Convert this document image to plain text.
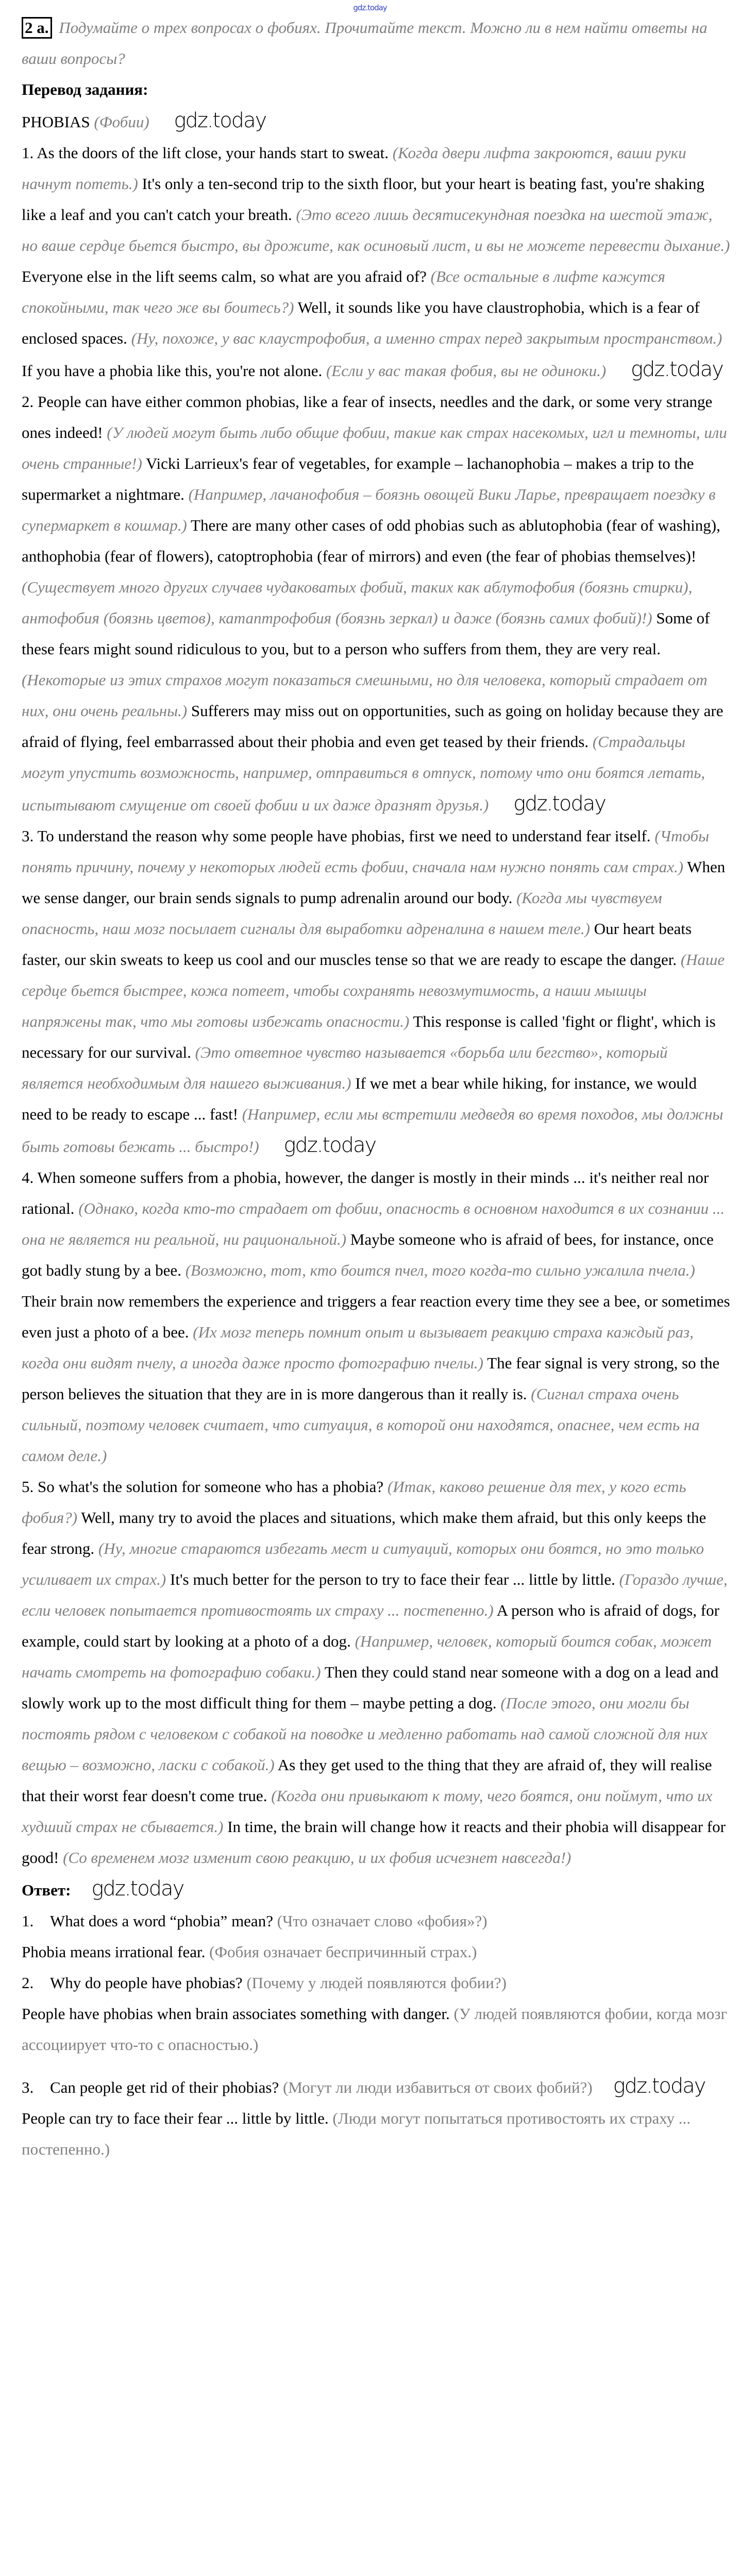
gdz.today

2 а. Подумайте о трех вопросах о фобиях. Прочитайте текст. Можно ли в нем найти ответы на ваши вопросы?

Перевод задания:

PHOBIAS (Фобии) gdz.today

1. As the doors of the lift close, your hands start to sweat. (Когда двери лифта закроются, ваши руки начнут потеть.) It's only a ten-second trip to the sixth floor, but your heart is beating fast, you're shaking like a leaf and you can't catch your breath. (Это всего лишь десятисекундная поездка на шестой этаж, но ваше сердце бьется быстро, вы дрожите, как осиновый лист, и вы не можете перевести дыхание.) Everyone else in the lift seems calm, so what are you afraid of? (Все остальные в лифте кажутся спокойными, так чего же вы боитесь?) Well, it sounds like you have claustrophobia, which is a fear of enclosed spaces. (Ну, похоже, у вас клаустрофобия, а именно страх перед закрытым пространством.) If you have a phobia like this, you're not alone. (Если у вас такая фобия, вы не одиноки.) gdz.today

2. People can have either common phobias, like a fear of insects, needles and the dark, or some very strange ones indeed! (У людей могут быть либо общие фобии, такие как страх насекомых, игл и темноты, или очень странные!) Vicki Larrieux's fear of vegetables, for example – lachanophobia – makes a trip to the supermarket a nightmare. (Например, лачанофобия – боязнь овощей Вики Ларье, превращает поездку в супермаркет в кошмар.) There are many other cases of odd phobias such as ablutophobia (fear of washing), anthophobia (fear of flowers), catoptrophobia (fear of mirrors) and even (the fear of phobias themselves)! (Существует много других случаев чудаковатых фобий, таких как аблутофобия (боязнь стирки), антофобия (боязнь цветов), катаптрофобия (боязнь зеркал) и даже (боязнь самих фобий)!) Some of these fears might sound ridiculous to you, but to a person who suffers from them, they are very real. (Некоторые из этих страхов могут показаться смешными, но для человека, который страдает от них, они очень реальны.) Sufferers may miss out on opportunities, such as going on holiday because they are afraid of flying, feel embarrassed about their phobia and even get teased by their friends. (Страдальцы могут упустить возможность, например, отправиться в отпуск, потому что они боятся летать, испытывают смущение от своей фобии и их даже дразнят друзья.) gdz.today

3. To understand the reason why some people have phobias, first we need to understand fear itself. (Чтобы понять причину, почему у некоторых людей есть фобии, сначала нам нужно понять сам страх.) When we sense danger, our brain sends signals to pump adrenalin around our body. (Когда мы чувствуем опасность, наш мозг посылает сигналы для выработки адреналина в нашем теле.) Our heart beats faster, our skin sweats to keep us cool and our muscles tense so that we are ready to escape the danger. (Наше сердце бьется быстрее, кожа потеет, чтобы сохранять невозмутимость, а наши мышцы напряжены так, что мы готовы избежать опасности.) This response is called 'fight or flight', which is necessary for our survival. (Это ответное чувство называется «борьба или бегство», который является необходимым для нашего выживания.) If we met a bear while hiking, for instance, we would need to be ready to escape ... fast! (Например, если мы встретили медведя во время походов, мы должны быть готовы бежать ... быстро!) gdz.today

4. When someone suffers from a phobia, however, the danger is mostly in their minds ... it's neither real nor rational. (Однако, когда кто-то страдает от фобии, опасность в основном находится в их сознании ... она не является ни реальной, ни рациональной.) Maybe someone who is afraid of bees, for instance, once got badly stung by a bee. (Возможно, тот, кто боится пчел, того когда-то сильно ужалила пчела.) Their brain now remembers the experience and triggers a fear reaction every time they see a bee, or sometimes even just a photo of a bee. (Их мозг теперь помнит опыт и вызывает реакцию страха каждый раз, когда они видят пчелу, а иногда даже просто фотографию пчелы.) The fear signal is very strong, so the person believes the situation that they are in is more dangerous than it really is. (Сигнал страха очень сильный, поэтому человек считает, что ситуация, в которой они находятся, опаснее, чем есть на самом деле.)

5. So what's the solution for someone who has a phobia? (Итак, каково решение для тех, у кого есть фобия?) Well, many try to avoid the places and situations, which make them afraid, but this only keeps the fear strong. (Ну, многие стараются избегать мест и ситуаций, которых они боятся, но это только усиливает их страх.) It's much better for the person to try to face their fear ... little by little. (Гораздо лучше, если человек попытается противостоять их страху ... постепенно.) A person who is afraid of dogs, for example, could start by looking at a photo of a dog. (Например, человек, который боится собак, может начать смотреть на фотографию собаки.) Then they could stand near someone with a dog on a lead and slowly work up to the most difficult thing for them – maybe petting a dog. (После этого, они могли бы постоять рядом с человеком с собакой на поводке и медленно работать над самой сложной для них вещью – возможно, ласки с собакой.) As they get used to the thing that they are afraid of, they will realise that their worst fear doesn't come true. (Когда они привыкают к тому, чего боятся, они поймут, что их худший страх не сбывается.) In time, the brain will change how it reacts and their phobia will disappear for good! (Со временем мозг изменит свою реакцию, и их фобия исчезнет навсегда!)

Ответ: gdz.today

1. What does a word “phobia” mean? (Что означает слово «фобия»?)

Phobia means irrational fear. (Фобия означает беспричинный страх.)

2. Why do people have phobias? (Почему у людей появляются фобии?)

People have phobias when brain associates something with danger. (У людей появляются фобии, когда мозг ассоциирует что-то с опасностью.)

3. Can people get rid of their phobias? (Могут ли люди избавиться от своих фобий?) gdz.today

People can try to face their fear ... little by little. (Люди могут попытаться противостоять их страху ... постепенно.)
